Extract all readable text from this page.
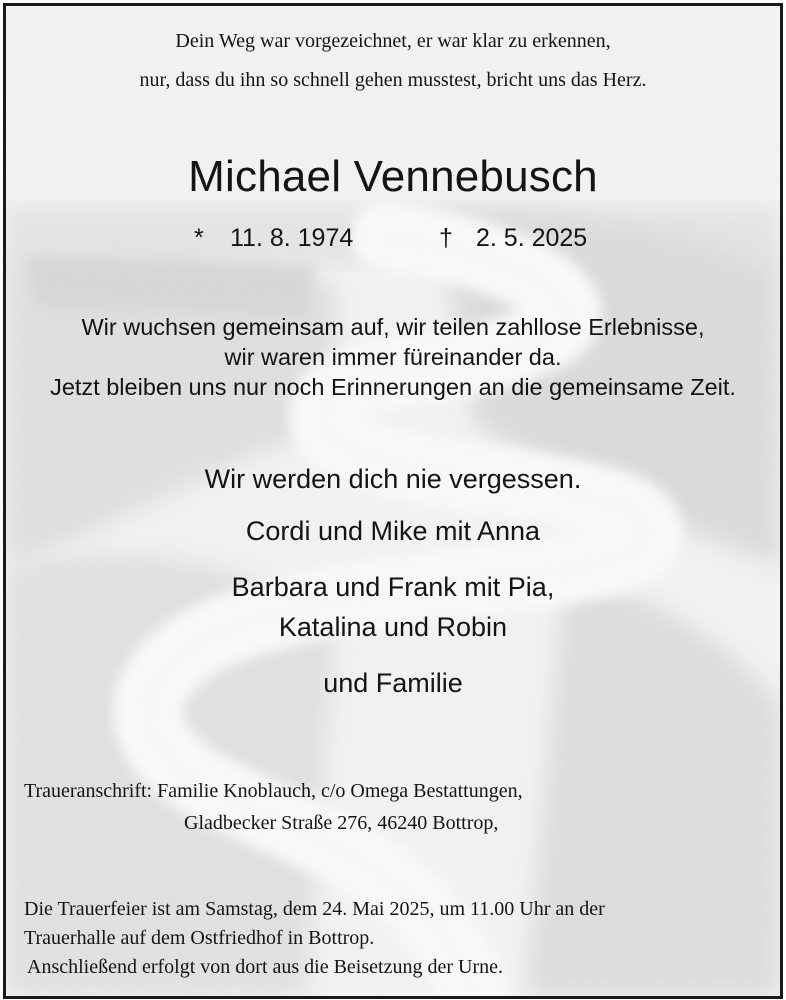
Dein Weg war vorgezeichnet, er war klar zu erkennen,
nur, dass du ihn so schnell gehen musstest, bricht uns das Herz.
Michael Vennebusch
* 11. 8. 1974	† 2. 5. 2025
Wir wuchsen gemeinsam auf, wir teilen zahllose Erlebnisse,
wir waren immer füreinander da.
Jetzt bleiben uns nur noch Erinnerungen an die gemeinsame Zeit.
Wir werden dich nie vergessen.
Cordi und Mike mit Anna
Barbara und Frank mit Pia,
Katalina und Robin
und Familie
Traueranschrift: Familie Knoblauch, c/o Omega Bestattungen,
Gladbecker Straße 276, 46240 Bottrop,
Die Trauerfeier ist am Samstag, dem 24. Mai 2025, um 11.00 Uhr an der
Trauerhalle auf dem Ostfriedhof in Bottrop.
Anschließend erfolgt von dort aus die Beisetzung der Urne.
